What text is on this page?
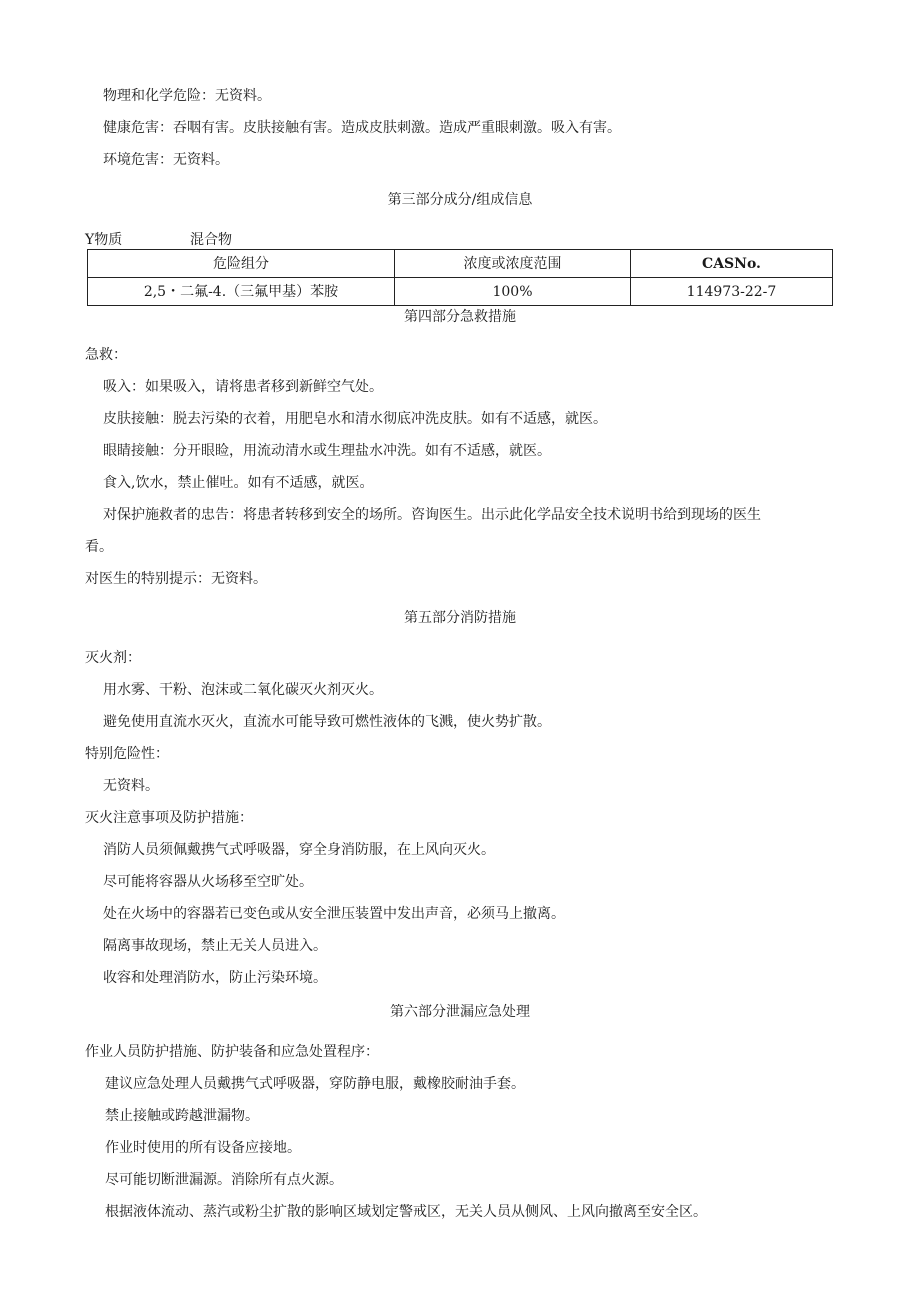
物理和化学危险：无资料。
健康危害：吞咽有害。皮肤接触有害。造成皮肤刺激。造成严重眼刺激。吸入有害。
环境危害：无资料。
第三部分成分/组成信息
Y物质	混合物
危险组分	浓度或浓度范围	CASNo.
2,5・二氟-4.（三氟甲基）苯胺	100%	114973-22-7
第四部分急救措施
急救：
吸入：如果吸入，请将患者移到新鲜空气处。
皮肤接触：脱去污染的衣着，用肥皂水和清水彻底冲洗皮肤。如有不适感，就医。
眼睛接触：分开眼睑，用流动清水或生理盐水冲洗。如有不适感，就医。
食入,饮水，禁止催吐。如有不适感，就医。
对保护施救者的忠告：将患者转移到安全的场所。咨询医生。出示此化学品安全技术说明书给到现场的医生
看。
对医生的特别提示：无资料。
第五部分消防措施
灭火剂：
用水雾、干粉、泡沫或二氧化碳灭火剂灭火。
避免使用直流水灭火，直流水可能导致可燃性液体的飞溅，使火势扩散。
特别危险性：
无资料。
灭火注意事项及防护措施：
消防人员须佩戴携气式呼吸器，穿全身消防服，在上风向灭火。
尽可能将容器从火场移至空旷处。
处在火场中的容器若已变色或从安全泄压装置中发出声音，必须马上撤离。
隔离事故现场，禁止无关人员进入。
收容和处理消防水，防止污染环境。
第六部分泄漏应急处理
作业人员防护措施、防护装备和应急处置程序：
建议应急处理人员戴携气式呼吸器，穿防静电服，戴橡胶耐油手套。
禁止接触或跨越泄漏物。
作业时使用的所有设备应接地。
尽可能切断泄漏源。消除所有点火源。
根据液体流动、蒸汽或粉尘扩散的影响区域划定警戒区，无关人员从侧风、上风向撤离至安全区。
